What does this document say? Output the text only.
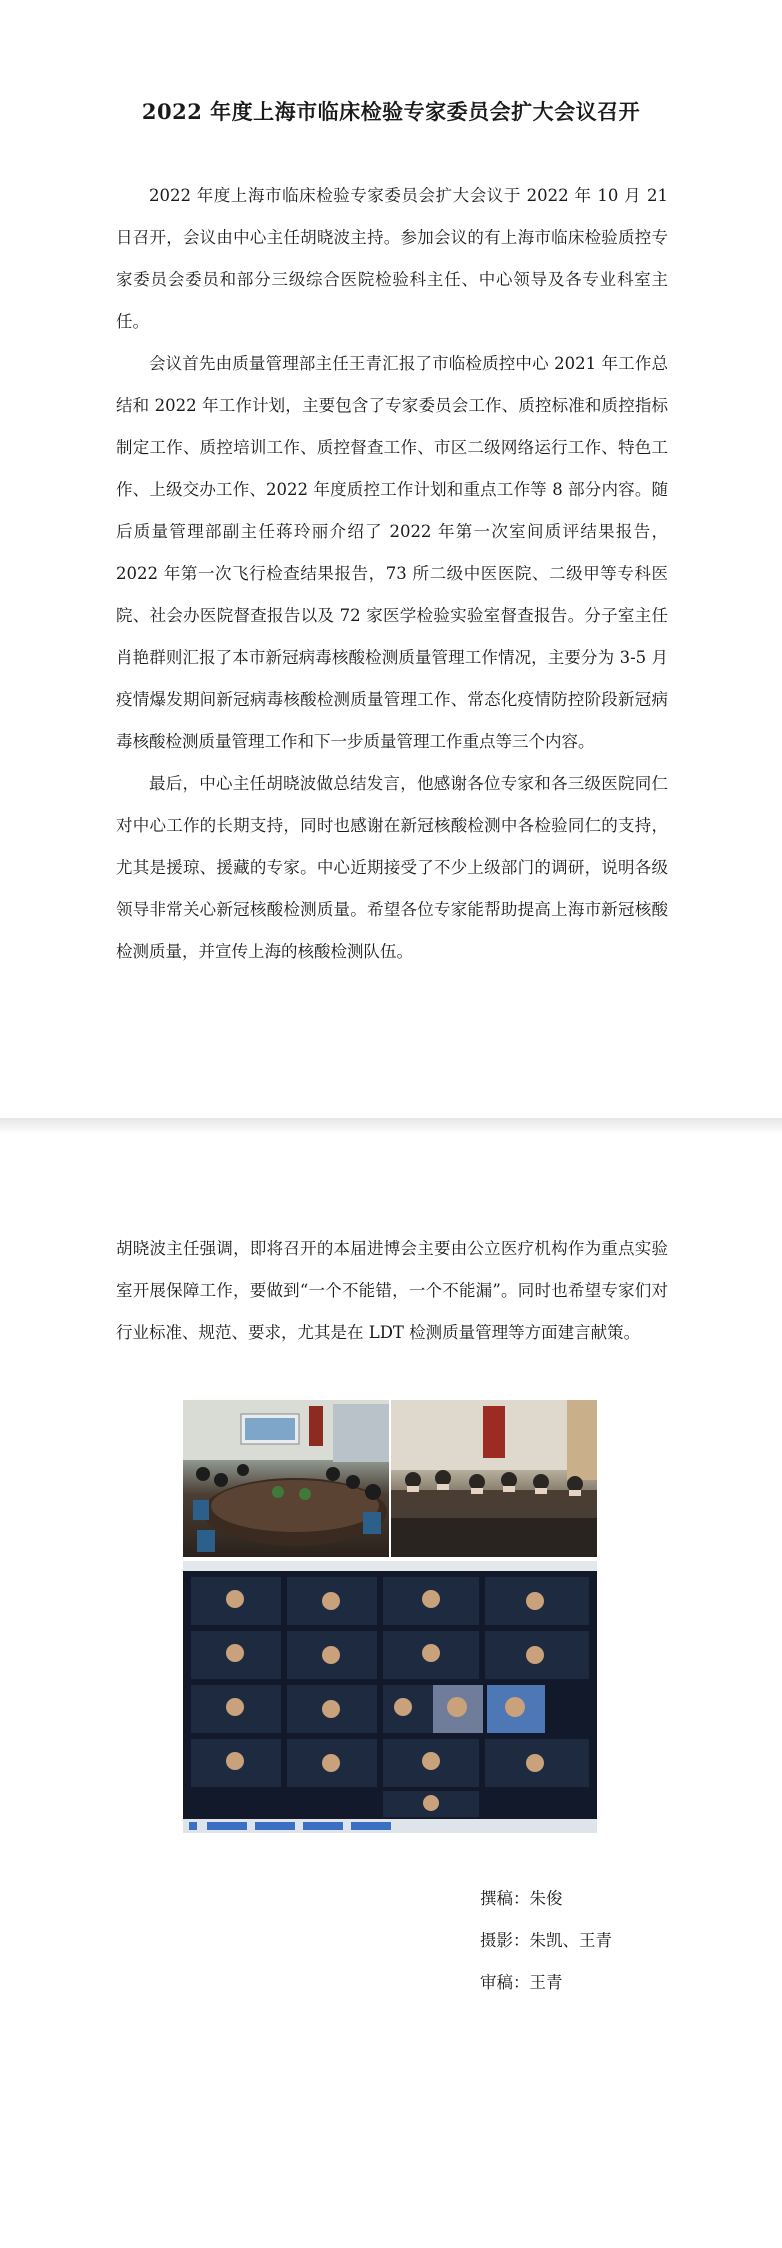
2022 年度上海市临床检验专家委员会扩大会议召开

2022 年度上海市临床检验专家委员会扩大会议于 2022 年 10 月 21 日召开，会议由中心主任胡晓波主持。参加会议的有上海市临床检验质控专家委员会委员和部分三级综合医院检验科主任、中心领导及各专业科室主任。

会议首先由质量管理部主任王青汇报了市临检质控中心 2021 年工作总结和 2022 年工作计划，主要包含了专家委员会工作、质控标准和质控指标制定工作、质控培训工作、质控督查工作、市区二级网络运行工作、特色工作、上级交办工作、2022 年度质控工作计划和重点工作等 8 部分内容。随后质量管理部副主任蒋玲丽介绍了 2022 年第一次室间质评结果报告，2022 年第一次飞行检查结果报告，73 所二级中医医院、二级甲等专科医院、社会办医院督查报告以及 72 家医学检验实验室督查报告。分子室主任肖艳群则汇报了本市新冠病毒核酸检测质量管理工作情况，主要分为 3-5 月疫情爆发期间新冠病毒核酸检测质量管理工作、常态化疫情防控阶段新冠病毒核酸检测质量管理工作和下一步质量管理工作重点等三个内容。

最后，中心主任胡晓波做总结发言，他感谢各位专家和各三级医院同仁对中心工作的长期支持，同时也感谢在新冠核酸检测中各检验同仁的支持，尤其是援琼、援藏的专家。中心近期接受了不少上级部门的调研，说明各级领导非常关心新冠核酸检测质量。希望各位专家能帮助提高上海市新冠核酸检测质量，并宣传上海的核酸检测队伍。

胡晓波主任强调，即将召开的本届进博会主要由公立医疗机构作为重点实验室开展保障工作，要做到“一个不能错，一个不能漏”。同时也希望专家们对行业标准、规范、要求，尤其是在 LDT 检测质量管理等方面建言献策。

撰稿：朱俊
摄影：朱凯、王青
审稿：王青
